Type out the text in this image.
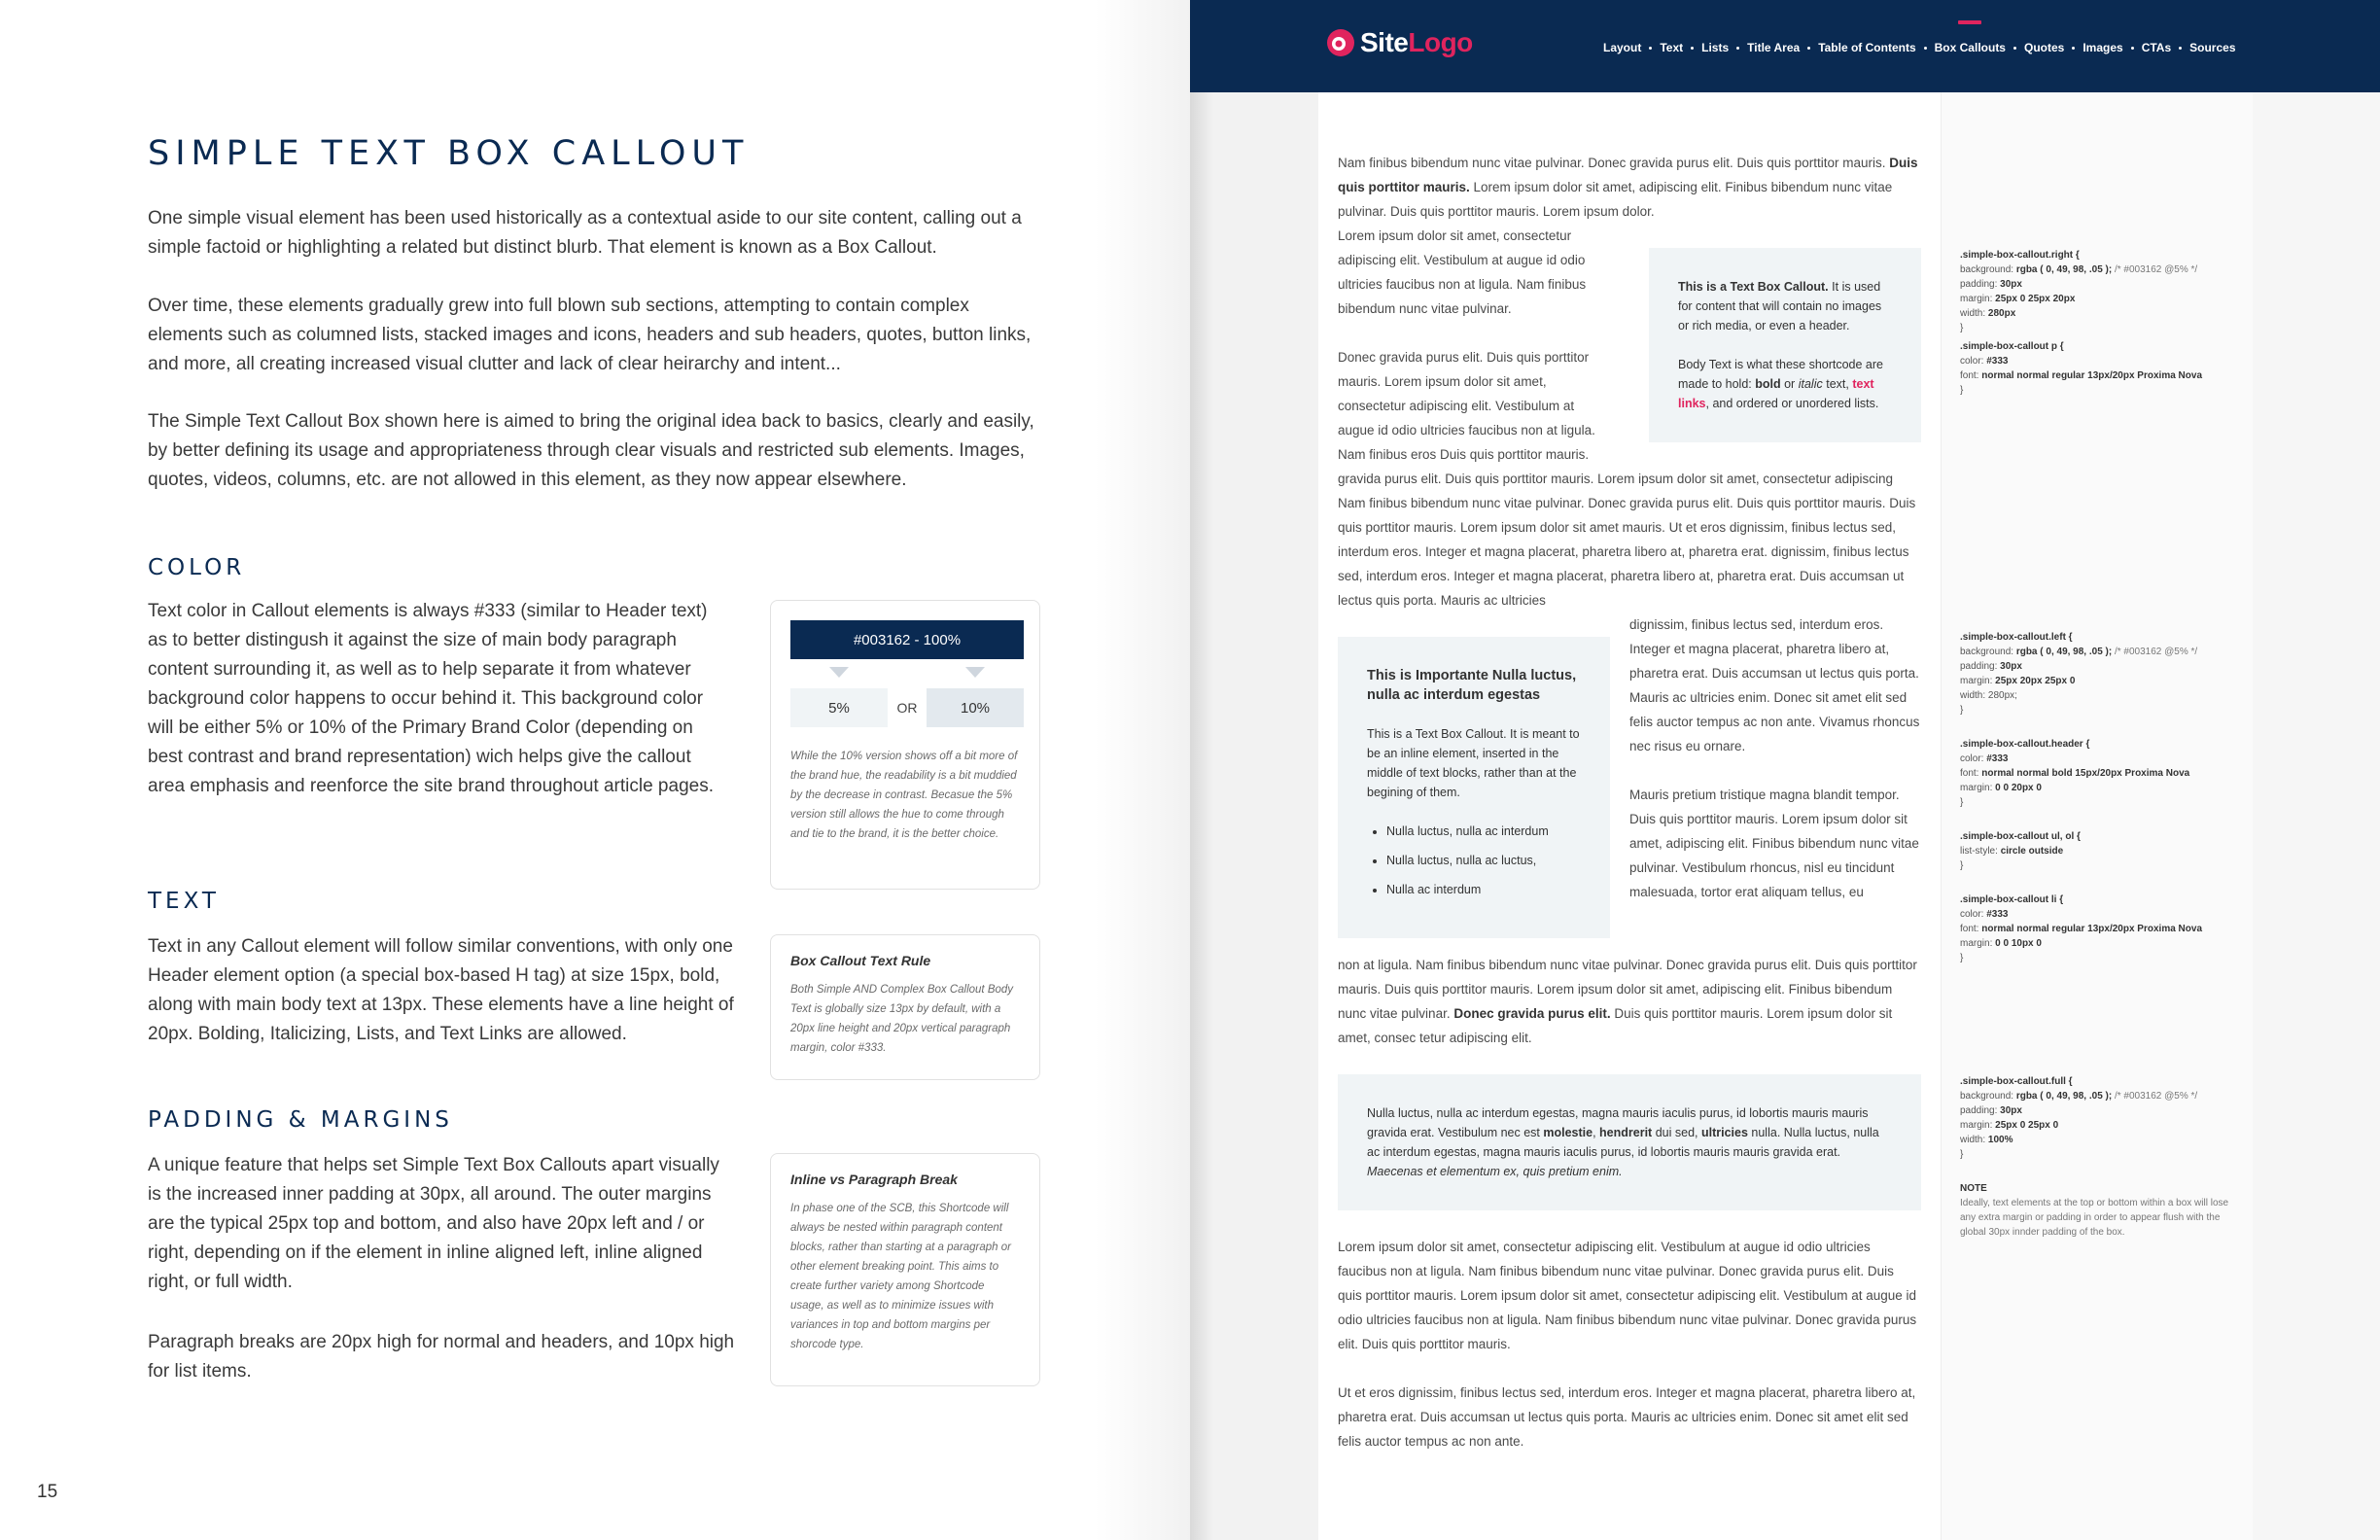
SIMPLE TEXT BOX CALLOUT

One simple visual element has been used historically as a contextual aside to our site content, calling out a simple factoid or highlighting a related but distinct blurb. That element is known as a Box Callout.

Over time, these elements gradually grew into full blown sub sections, attempting to contain complex elements such as columned lists, stacked images and icons, headers and sub headers, quotes, button links, and more, all creating increased visual clutter and lack of clear heirarchy and intent...

The Simple Text Callout Box shown here is aimed to bring the original idea back to basics, clearly and easily, by better defining its usage and appropriateness through clear visuals and restricted sub elements. Images, quotes, videos, columns, etc. are not allowed in this element, as they now appear elsewhere.

COLOR

Text color in Callout elements is always #333 (similar to Header text) as to better distingush it against the size of main body paragraph content surrounding it, as well as to help separate it from whatever background color happens to occur behind it. This background color will be either 5% or 10% of the Primary Brand Color (depending on best contrast and brand representation) wich helps give the callout area emphasis and reenforce the site brand throughout article pages.

#003162 - 100%
5%	OR	10%

While the 10% version shows off a bit more of the brand hue, the readability is a bit muddied by the decrease in contrast. Becasue the 5% version still allows the hue to come through and tie to the brand, it is the better choice.

TEXT

Text in any Callout element will follow similar conventions, with only one Header element option (a special box-based H tag) at size 15px, bold, along with main body text at 13px. These elements have a line height of 20px. Bolding, Italicizing, Lists, and Text Links are allowed.

Box Callout Text Rule

Both Simple AND Complex Box Callout Body Text is globally size 13px by default, with a 20px line height and 20px vertical paragraph margin, color #333.

PADDING & MARGINS

A unique feature that helps set Simple Text Box Callouts apart visually is the increased inner padding at 30px, all around. The outer margins are the typical 25px top and bottom, and also have 20px left and / or right, depending on if the element in inline aligned left, inline aligned right, or full width.

Paragraph breaks are 20px high for normal and headers, and 10px high for list items.

Inline vs Paragraph Break

In phase one of the SCB, this Shortcode will always be nested within paragraph content blocks, rather than starting at a paragraph or other element breaking point. This aims to create further variety among Shortcode usage, as well as to minimize issues with variances in top and bottom margins per shorcode type.

15
SiteLogo	Layout Text Lists Title Area Table of Contents Box Callouts Quotes Images CTAs Sources

Nam finibus bibendum nunc vitae pulvinar. Donec gravida purus elit. Duis quis porttitor mauris. Duis quis porttitor mauris. Lorem ipsum dolor sit amet, adipiscing elit. Finibus bibendum nunc vitae pulvinar. Duis quis porttitor mauris. Lorem ipsum dolor.

Lorem ipsum dolor sit amet, consectetur adipiscing elit. Vestibulum at augue id odio ultricies faucibus non at ligula. Nam finibus bibendum nunc vitae pulvinar.

Donec gravida purus elit. Duis quis porttitor mauris. Lorem ipsum dolor sit amet, consectetur adipiscing elit. Vestibulum at augue id odio ultricies faucibus non at ligula. Nam finibus eros Duis quis porttitor mauris.

gravida purus elit. Duis quis porttitor mauris. Lorem ipsum dolor sit amet, consectetur adipiscing Nam finibus bibendum nunc vitae pulvinar. Donec gravida purus elit. Duis quis porttitor mauris. Duis quis porttitor mauris. Lorem ipsum dolor sit amet mauris. Ut et eros dignissim, finibus lectus sed, interdum eros. Integer et magna placerat, pharetra libero at, pharetra erat. dignissim, finibus lectus sed, interdum eros. Integer et magna placerat, pharetra libero at, pharetra erat. Duis accumsan ut lectus quis porta. Mauris ac ultricies

dignissim, finibus lectus sed, interdum eros. Integer et magna placerat, pharetra libero at, pharetra erat. Duis accumsan ut lectus quis porta. Mauris ac ultricies enim. Donec sit amet elit sed felis auctor tempus ac non ante. Vivamus rhoncus nec risus eu ornare.

Mauris pretium tristique magna blandit tempor. Duis quis porttitor mauris. Lorem ipsum dolor sit amet, adipiscing elit. Finibus bibendum nunc vitae pulvinar. Vestibulum rhoncus, nisl eu tincidunt malesuada, tortor erat aliquam tellus, eu

non at ligula. Nam finibus bibendum nunc vitae pulvinar. Donec gravida purus elit. Duis quis porttitor mauris. Duis quis porttitor mauris. Lorem ipsum dolor sit amet, adipiscing elit. Finibus bibendum nunc vitae pulvinar. Donec gravida purus elit. Duis quis porttitor mauris. Lorem ipsum dolor sit amet, consec tetur adipiscing elit.

Lorem ipsum dolor sit amet, consectetur adipiscing elit. Vestibulum at augue id odio ultricies faucibus non at ligula. Nam finibus bibendum nunc vitae pulvinar. Donec gravida purus elit. Duis quis porttitor mauris. Lorem ipsum dolor sit amet, consectetur adipiscing elit. Vestibulum at augue id odio ultricies faucibus non at ligula. Nam finibus bibendum nunc vitae pulvinar. Donec gravida purus elit. Duis quis porttitor mauris.

Ut et eros dignissim, finibus lectus sed, interdum eros. Integer et magna placerat, pharetra libero at, pharetra erat. Duis accumsan ut lectus quis porta. Mauris ac ultricies enim. Donec sit amet elit sed felis auctor tempus ac non ante.

This is a Text Box Callout. It is used for content that will contain no images or rich media, or even a header.

Body Text is what these shortcode are made to hold: bold or italic text, text links, and ordered or unordered lists.

This is Importante Nulla luctus, nulla ac interdum egestas

This is a Text Box Callout. It is meant to be an inline element, inserted in the middle of text blocks, rather than at the begining of them.

• Nulla luctus, nulla ac interdum
• Nulla luctus, nulla ac luctus,
• Nulla ac interdum

Nulla luctus, nulla ac interdum egestas, magna mauris iaculis purus, id lobortis mauris mauris gravida erat. Vestibulum nec est molestie, hendrerit dui sed, ultricies nulla. Nulla luctus, nulla ac interdum egestas, magna mauris iaculis purus, id lobortis mauris mauris gravida erat. Maecenas et elementum ex, quis pretium enim.

.simple-box-callout.right {
background: rgba ( 0, 49, 98, .05 ); /* #003162 @5% */
padding: 30px
margin: 25px 0 25px 20px
width: 280px
}
.simple-box-callout p {
color: #333
font: normal normal regular 13px/20px Proxima Nova
}
.simple-box-callout.left {
background: rgba ( 0, 49, 98, .05 ); /* #003162 @5% */
padding: 30px
margin: 25px 20px 25px 0
width: 280px;
}
.simple-box-callout.header {
color: #333
font: normal normal bold 15px/20px Proxima Nova
margin: 0 0 20px 0
}
.simple-box-callout ul, ol {
list-style: circle outside
}
.simple-box-callout li {
color: #333
font: normal normal regular 13px/20px Proxima Nova
margin: 0 0 10px 0
}
.simple-box-callout.full {
background: rgba ( 0, 49, 98, .05 ); /* #003162 @5% */
padding: 30px
margin: 25px 0 25px 0
width: 100%
}
NOTE
Ideally, text elements at the top or bottom within a box will lose any extra margin or padding in order to appear flush with the global 30px innder padding of the box.
